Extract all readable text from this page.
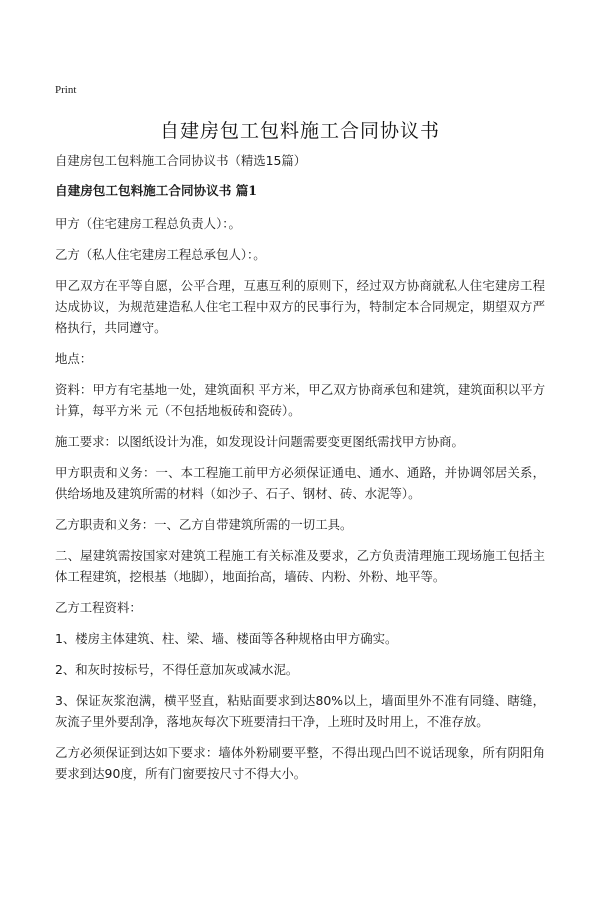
Print
自建房包工包料施工合同协议书

自建房包工包料施工合同协议书（精选15篇）

自建房包工包料施工合同协议书 篇1

甲方（住宅建房工程总负责人）：。

乙方（私人住宅建房工程总承包人）：。

甲乙双方在平等自愿，公平合理，互惠互利的原则下，经过双方协商就私人住宅建房工程达成协议，为规范建造私人住宅工程中双方的民事行为，特制定本合同规定，期望双方严格执行，共同遵守。

地点：

资料：甲方有宅基地一处，建筑面积 平方米，甲乙双方协商承包和建筑，建筑面积以平方计算，每平方米 元（不包括地板砖和瓷砖）。

施工要求：以图纸设计为准，如发现设计问题需要变更图纸需找甲方协商。

甲方职责和义务：一、本工程施工前甲方必须保证通电、通水、通路，并协调邻居关系，供给场地及建筑所需的材料（如沙子、石子、钢材、砖、水泥等）。

乙方职责和义务：一、乙方自带建筑所需的一切工具。

二、屋建筑需按国家对建筑工程施工有关标准及要求，乙方负责清理施工现场施工包括主体工程建筑，挖根基（地脚），地面抬高，墙砖、内粉、外粉、地平等。

乙方工程资料：

1、楼房主体建筑、柱、梁、墙、楼面等各种规格由甲方确实。

2、和灰时按标号，不得任意加灰或减水泥。

3、保证灰浆泡满，横平竖直，粘贴面要求到达80%以上，墙面里外不准有同缝、瞎缝，灰流子里外要刮净，落地灰每次下班要清扫干净，上班时及时用上，不准存放。

乙方必须保证到达如下要求：墙体外粉刷要平整，不得出现凸凹不说话现象，所有阴阳角要求到达90度，所有门窗要按尺寸不得大小。
